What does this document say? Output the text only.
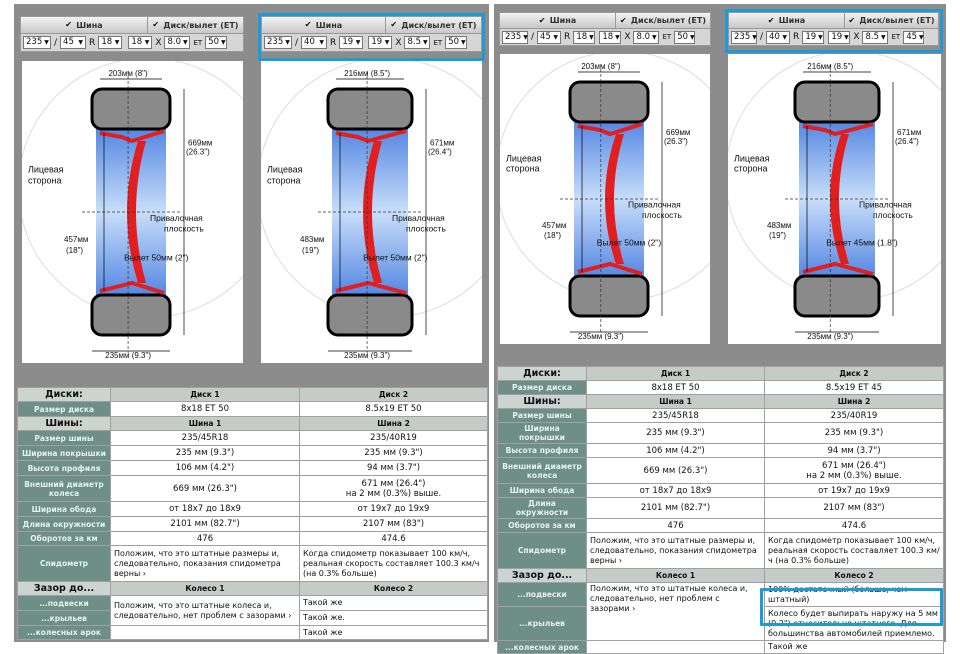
✔ Шина	✔ Диск/вылет (ET)
235 ▼ / 45 ▼ R 18 ▼ 18 ▼ X 8.0 ▼ ET 50 ▼
✔ Шина	✔ Диск/вылет (ET)
235 ▼ / 40 ▼ R 19 ▼ 19 ▼ X 8.5 ▼ ET 50 ▼
203мм (8")
235мм (9.3")
669мм
(26.3")
457мм
(18")
Лицевая
сторона
Привалочная
плоскость
Вылет 50мм (2")
216мм (8.5")
235мм (9.3")
671мм
(26.4")
483мм
(19")
Лицевая
сторона
Привалочная
плоскость
Вылет 50мм (2")
Диски:	Диск 1	Диск 2
Размер диска	8x18 ET 50	8.5x19 ET 50
Шины:	Шина 1	Шина 2
Размер шины	235/45R18	235/40R19
Ширина покрышки	235 мм (9.3")	235 мм (9.3")
Высота профиля	106 мм (4.2")	94 мм (3.7")
Внешний диаметр колеса	669 мм (26.3")	671 мм (26.4")
на 2 мм (0.3%) выше.

Ширина обода	от 18x7 до 18x9	от 19x7 до 19x9
Длина окружности	2101 мм (82.7")	2107 мм (83")
Оборотов за км	476	474.6
Спидометр	Положим, что это штатные размеры и, следовательно, показания спидометра верны ›	Когда спидометр показывает 100 км/ч, реальная скорость составляет 100.3 км/ч (на 0.3% больше)
Зазор до...	Колесо 1	Колесо 2
...подвески	Положим, что это штатные колеса и, следовательно, нет проблем с зазорами ›	Такой же
...крыльев		Такой же.
...колесных арок		Такой же
✔ Шина	✔ Диск/вылет (ET)
235 ▼ / 45 ▼ R 18 ▼ 18 ▼ X 8.0 ▼ ET 50 ▼
✔ Шина	✔ Диск/вылет (ET)
235 ▼ / 40 ▼ R 19 ▼ 19 ▼ X 8.5 ▼ ET 45 ▼
203мм (8")
235мм (9.3")
669мм
(26.3")
457мм
(18")
Лицевая
сторона
Привалочная
плоскость
Вылет 50мм (2")
216мм (8.5")
235мм (9.3")
671мм
(26.4")
483мм
(19")
Лицевая
сторона
Привалочная
плоскость
Вылет 45мм (1.8")
Диски:	Диск 1	Диск 2
Размер диска	8x18 ET 50	8.5x19 ET 45
Шины:	Шина 1	Шина 2
Размер шины	235/45R18	235/40R19
Ширина покрышки	235 мм (9.3")	235 мм (9.3")
Высота профиля	106 мм (4.2")	94 мм (3.7")
Внешний диаметр колеса	669 мм (26.3")	671 мм (26.4")
на 2 мм (0.3%) выше.

Ширина обода	от 18x7 до 18x9	от 19x7 до 19x9
Длина окружности	2101 мм (82.7")	2107 мм (83")
Оборотов за км	476	474.6
Спидометр	Положим, что это штатные размеры и, следовательно, показания спидометра верны ›	Когда спидометр показывает 100 км/ч, реальная скорость составляет 100.3 км/ч (на 0.3% больше)
Зазор до...	Колесо 1	Колесо 2
...подвески	Положим, что это штатные колеса и, следовательно, нет проблем с зазорами ›	100% достаточный (больше, чем штатный)
...крыльев		Колесо будет выпирать наружу на 5 мм (0.2") относительно штатного. Для большинства автомобилей приемлемо.
...колесных арок		Такой же
